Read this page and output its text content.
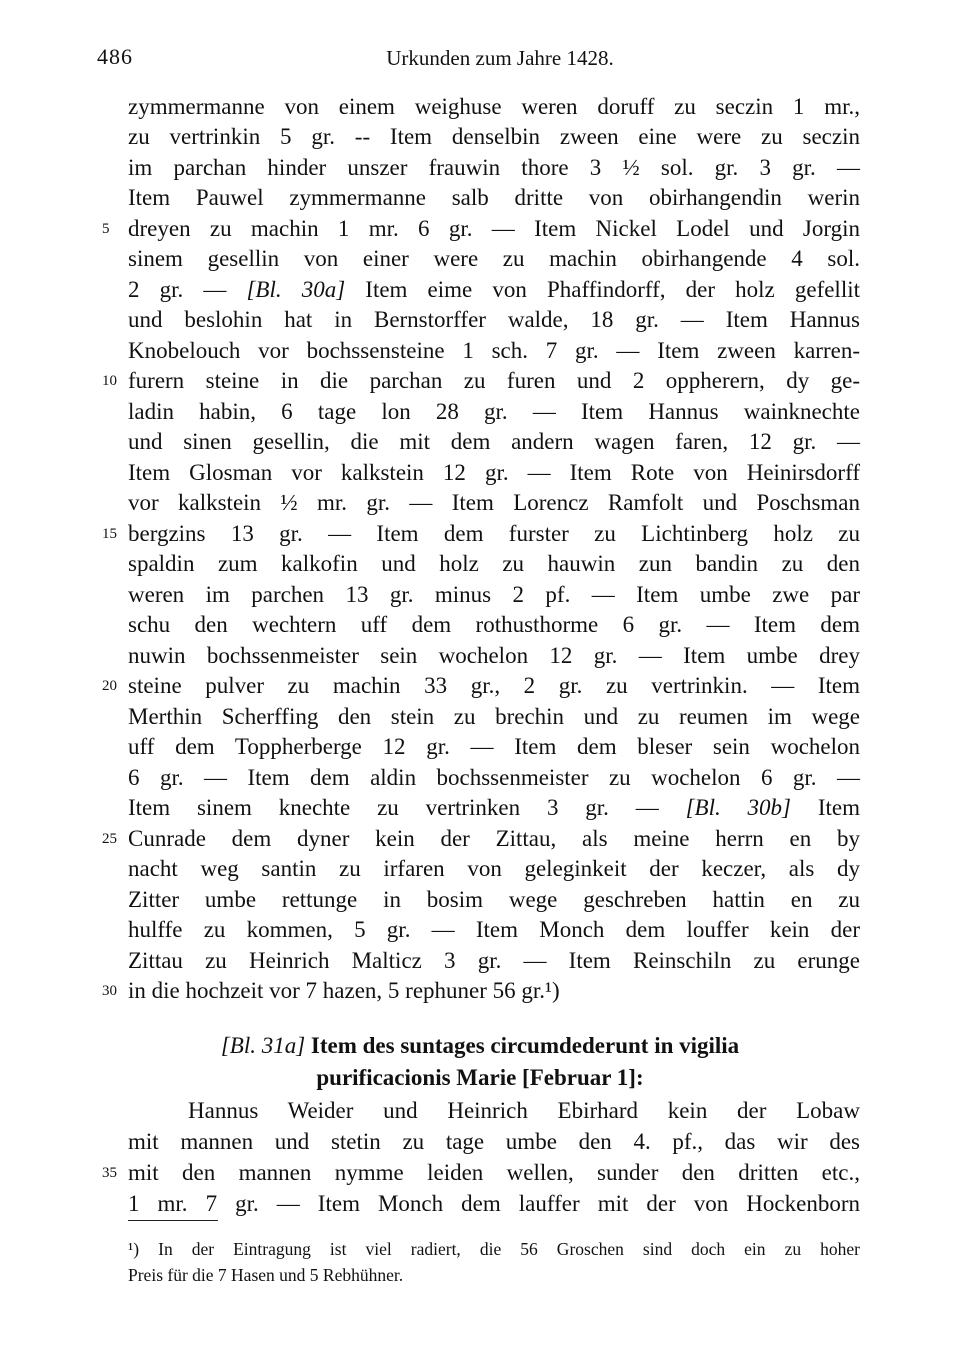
486	Urkunden zum Jahre 1428.
zymmermanne von einem weighuse weren doruff zu seczin 1 mr.,
zu vertrinkin 5 gr. -- Item denselbin zween eine were zu seczin
im parchan hinder unszer frauwin thore 3 ½ sol. gr. 3 gr. —
Item Pauwel zymmermanne salb dritte von obirhangendin werin
dreyen zu machin 1 mr. 6 gr. — Item Nickel Lodel und Jorgin
sinem gesellin von einer were zu machin obirhangende 4 sol.
2 gr. — [Bl. 30a] Item eime von Phaffindorff, der holz gefellit
und beslohin hat in Bernstorffer walde, 18 gr. — Item Hannus
Knobelouch vor bochssensteine 1 sch. 7 gr. — Item zween karren-
furern steine in die parchan zu furen und 2 oppherern, dy ge-
ladin habin, 6 tage lon 28 gr. — Item Hannus wainknechte
und sinen gesellin, die mit dem andern wagen faren, 12 gr. —
Item Glosman vor kalkstein 12 gr. — Item Rote von Heinirsdorff
vor kalkstein ½ mr. gr. — Item Lorencz Ramfolt und Poschsman
bergzins 13 gr. — Item dem furster zu Lichtinberg holz zu
spaldin zum kalkofin und holz zu hauwin zun bandin zu den
weren im parchen 13 gr. minus 2 pf. — Item umbe zwe par
schu den wechtern uff dem rothusthorme 6 gr. — Item dem
nuwin bochssenmeister sein wochelon 12 gr. — Item umbe drey
steine pulver zu machin 33 gr., 2 gr. zu vertrinkin. — Item
Merthin Scherffing den stein zu brechin und zu reumen im wege
uff dem Toppherberge 12 gr. — Item dem bleser sein wochelon
6 gr. — Item dem aldin bochssenmeister zu wochelon 6 gr. —
Item sinem knechte zu vertrinken 3 gr. — [Bl. 30b] Item
Cunrade dem dyner kein der Zittau, als meine herrn en by
nacht weg santin zu irfaren von geleginkeit der keczer, als dy
Zitter umbe rettunge in bosim wege geschreben hattin en zu
hulffe zu kommen, 5 gr. — Item Monch dem louffer kein der
Zittau zu Heinrich Malticz 3 gr. — Item Reinschiln zu erunge
in die hochzeit vor 7 hazen, 5 rephuner 56 gr.¹)
5
10
15
20
25
30
35
[Bl. 31a] Item des suntages circumdederunt in vigilia
purificacionis Marie [Februar 1]:
Hannus Weider und Heinrich Ebirhard kein der Lobaw
mit mannen und stetin zu tage umbe den 4. pf., das wir des
mit den mannen nymme leiden wellen, sunder den dritten etc.,
1 mr. 7 gr. — Item Monch dem lauffer mit der von Hockenborn
¹) In der Eintragung ist viel radiert, die 56 Groschen sind doch ein zu hoher
Preis für die 7 Hasen und 5 Rebhühner.
